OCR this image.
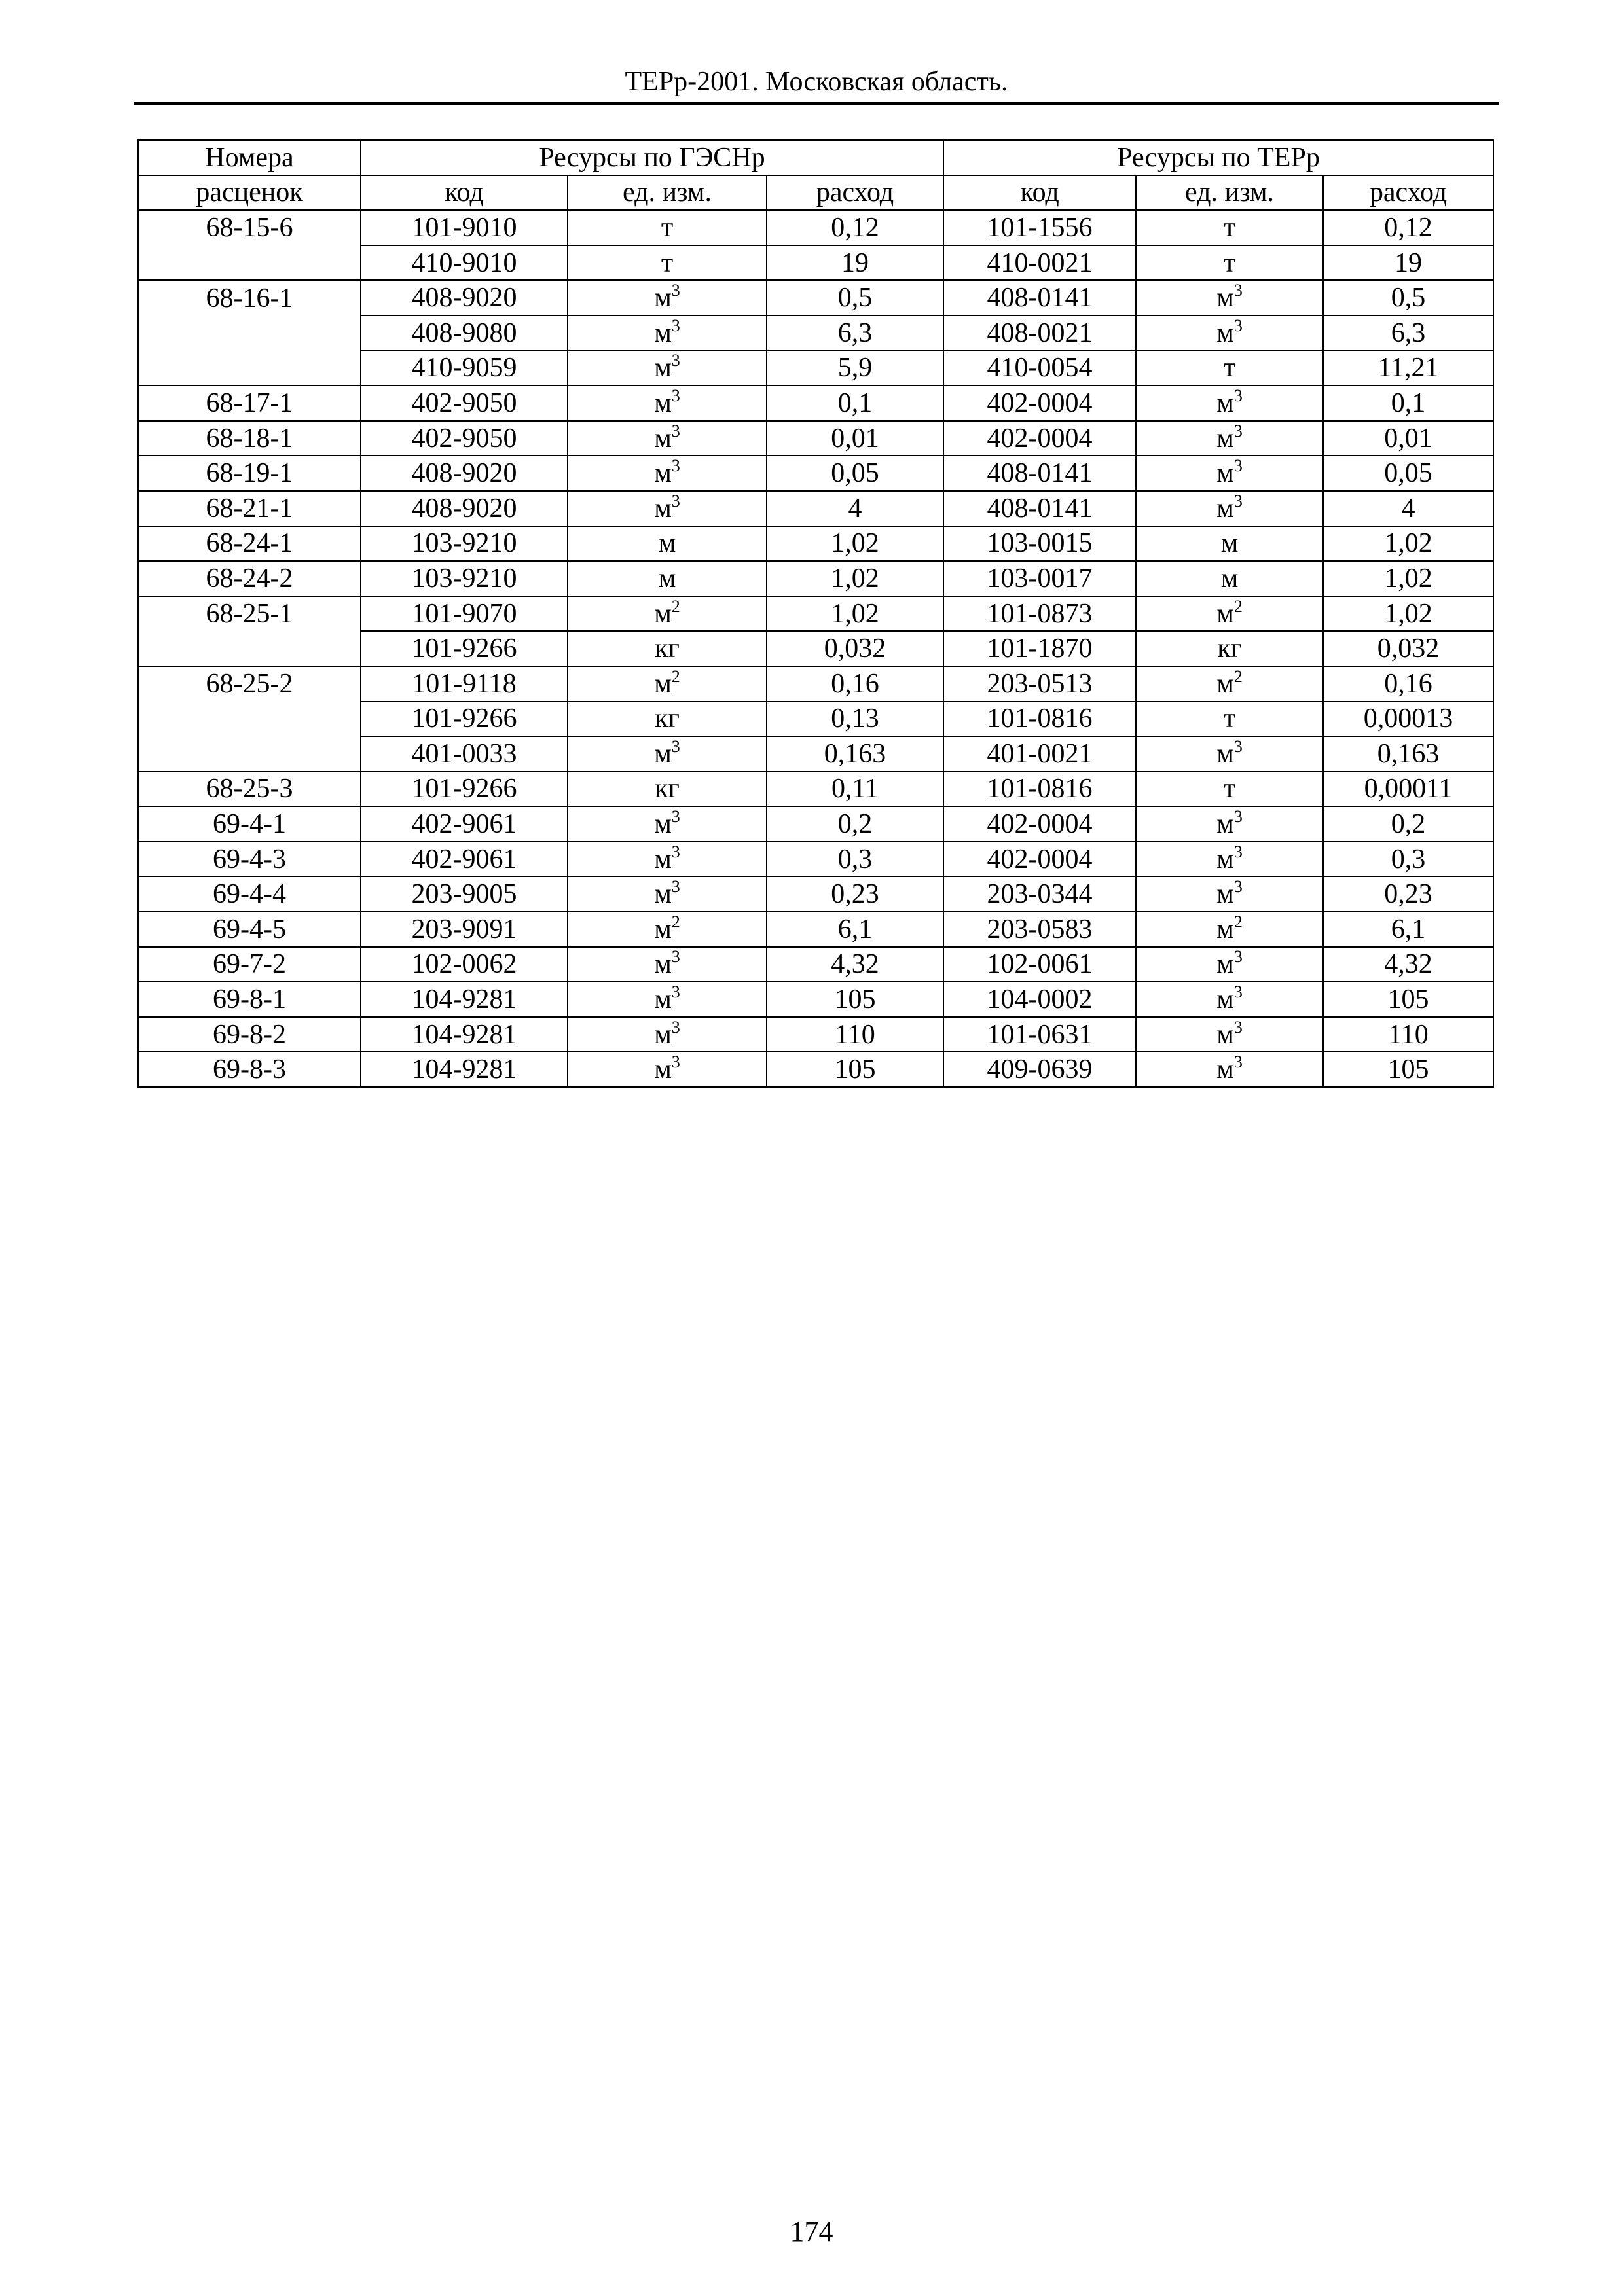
ТЕРр-2001. Московская область.
Номера	Ресурсы по ГЭСНр			Ресурсы по ТЕРр		
расценок	код	ед. изм.	расход	код	ед. изм.	расход
68-15-6	101-9010	т	0,12	101-1556	т	0,12
	410-9010	т	19	410-0021	т	19
68-16-1	408-9020	$м^3$	0,5	408-0141	$м^3$	0,5
	408-9080	$м^3$	6,3	408-0021	$м^3$	6,3
	410-9059	$м^3$	5,9	410-0054	т	11,21
68-17-1	402-9050	$м^3$	0,1	402-0004	$м^3$	0,1
68-18-1	402-9050	$м^3$	0,01	402-0004	$м^3$	0,01
68-19-1	408-9020	$м^3$	0,05	408-0141	$м^3$	0,05
68-21-1	408-9020	$м^3$	4	408-0141	$м^3$	4
68-24-1	103-9210	м	1,02	103-0015	м	1,02
68-24-2	103-9210	м	1,02	103-0017	м	1,02
68-25-1	101-9070	$м^2$	1,02	101-0873	$м^2$	1,02
	101-9266	кг	0,032	101-1870	кг	0,032
68-25-2	101-9118	$м^2$	0,16	203-0513	$м^2$	0,16
	101-9266	кг	0,13	101-0816	т	0,00013
	401-0033	$м^3$	0,163	401-0021	$м^3$	0,163
68-25-3	101-9266	кг	0,11	101-0816	т	0,00011
69-4-1	402-9061	$м^3$	0,2	402-0004	$м^3$	0,2
69-4-3	402-9061	$м^3$	0,3	402-0004	$м^3$	0,3
69-4-4	203-9005	$м^3$	0,23	203-0344	$м^3$	0,23
69-4-5	203-9091	$м^2$	6,1	203-0583	$м^2$	6,1
69-7-2	102-0062	$м^3$	4,32	102-0061	$м^3$	4,32
69-8-1	104-9281	$м^3$	105	104-0002	$м^3$	105
69-8-2	104-9281	$м^3$	110	101-0631	$м^3$	110
69-8-3	104-9281	$м^3$	105	409-0639	$м^3$	105
174
